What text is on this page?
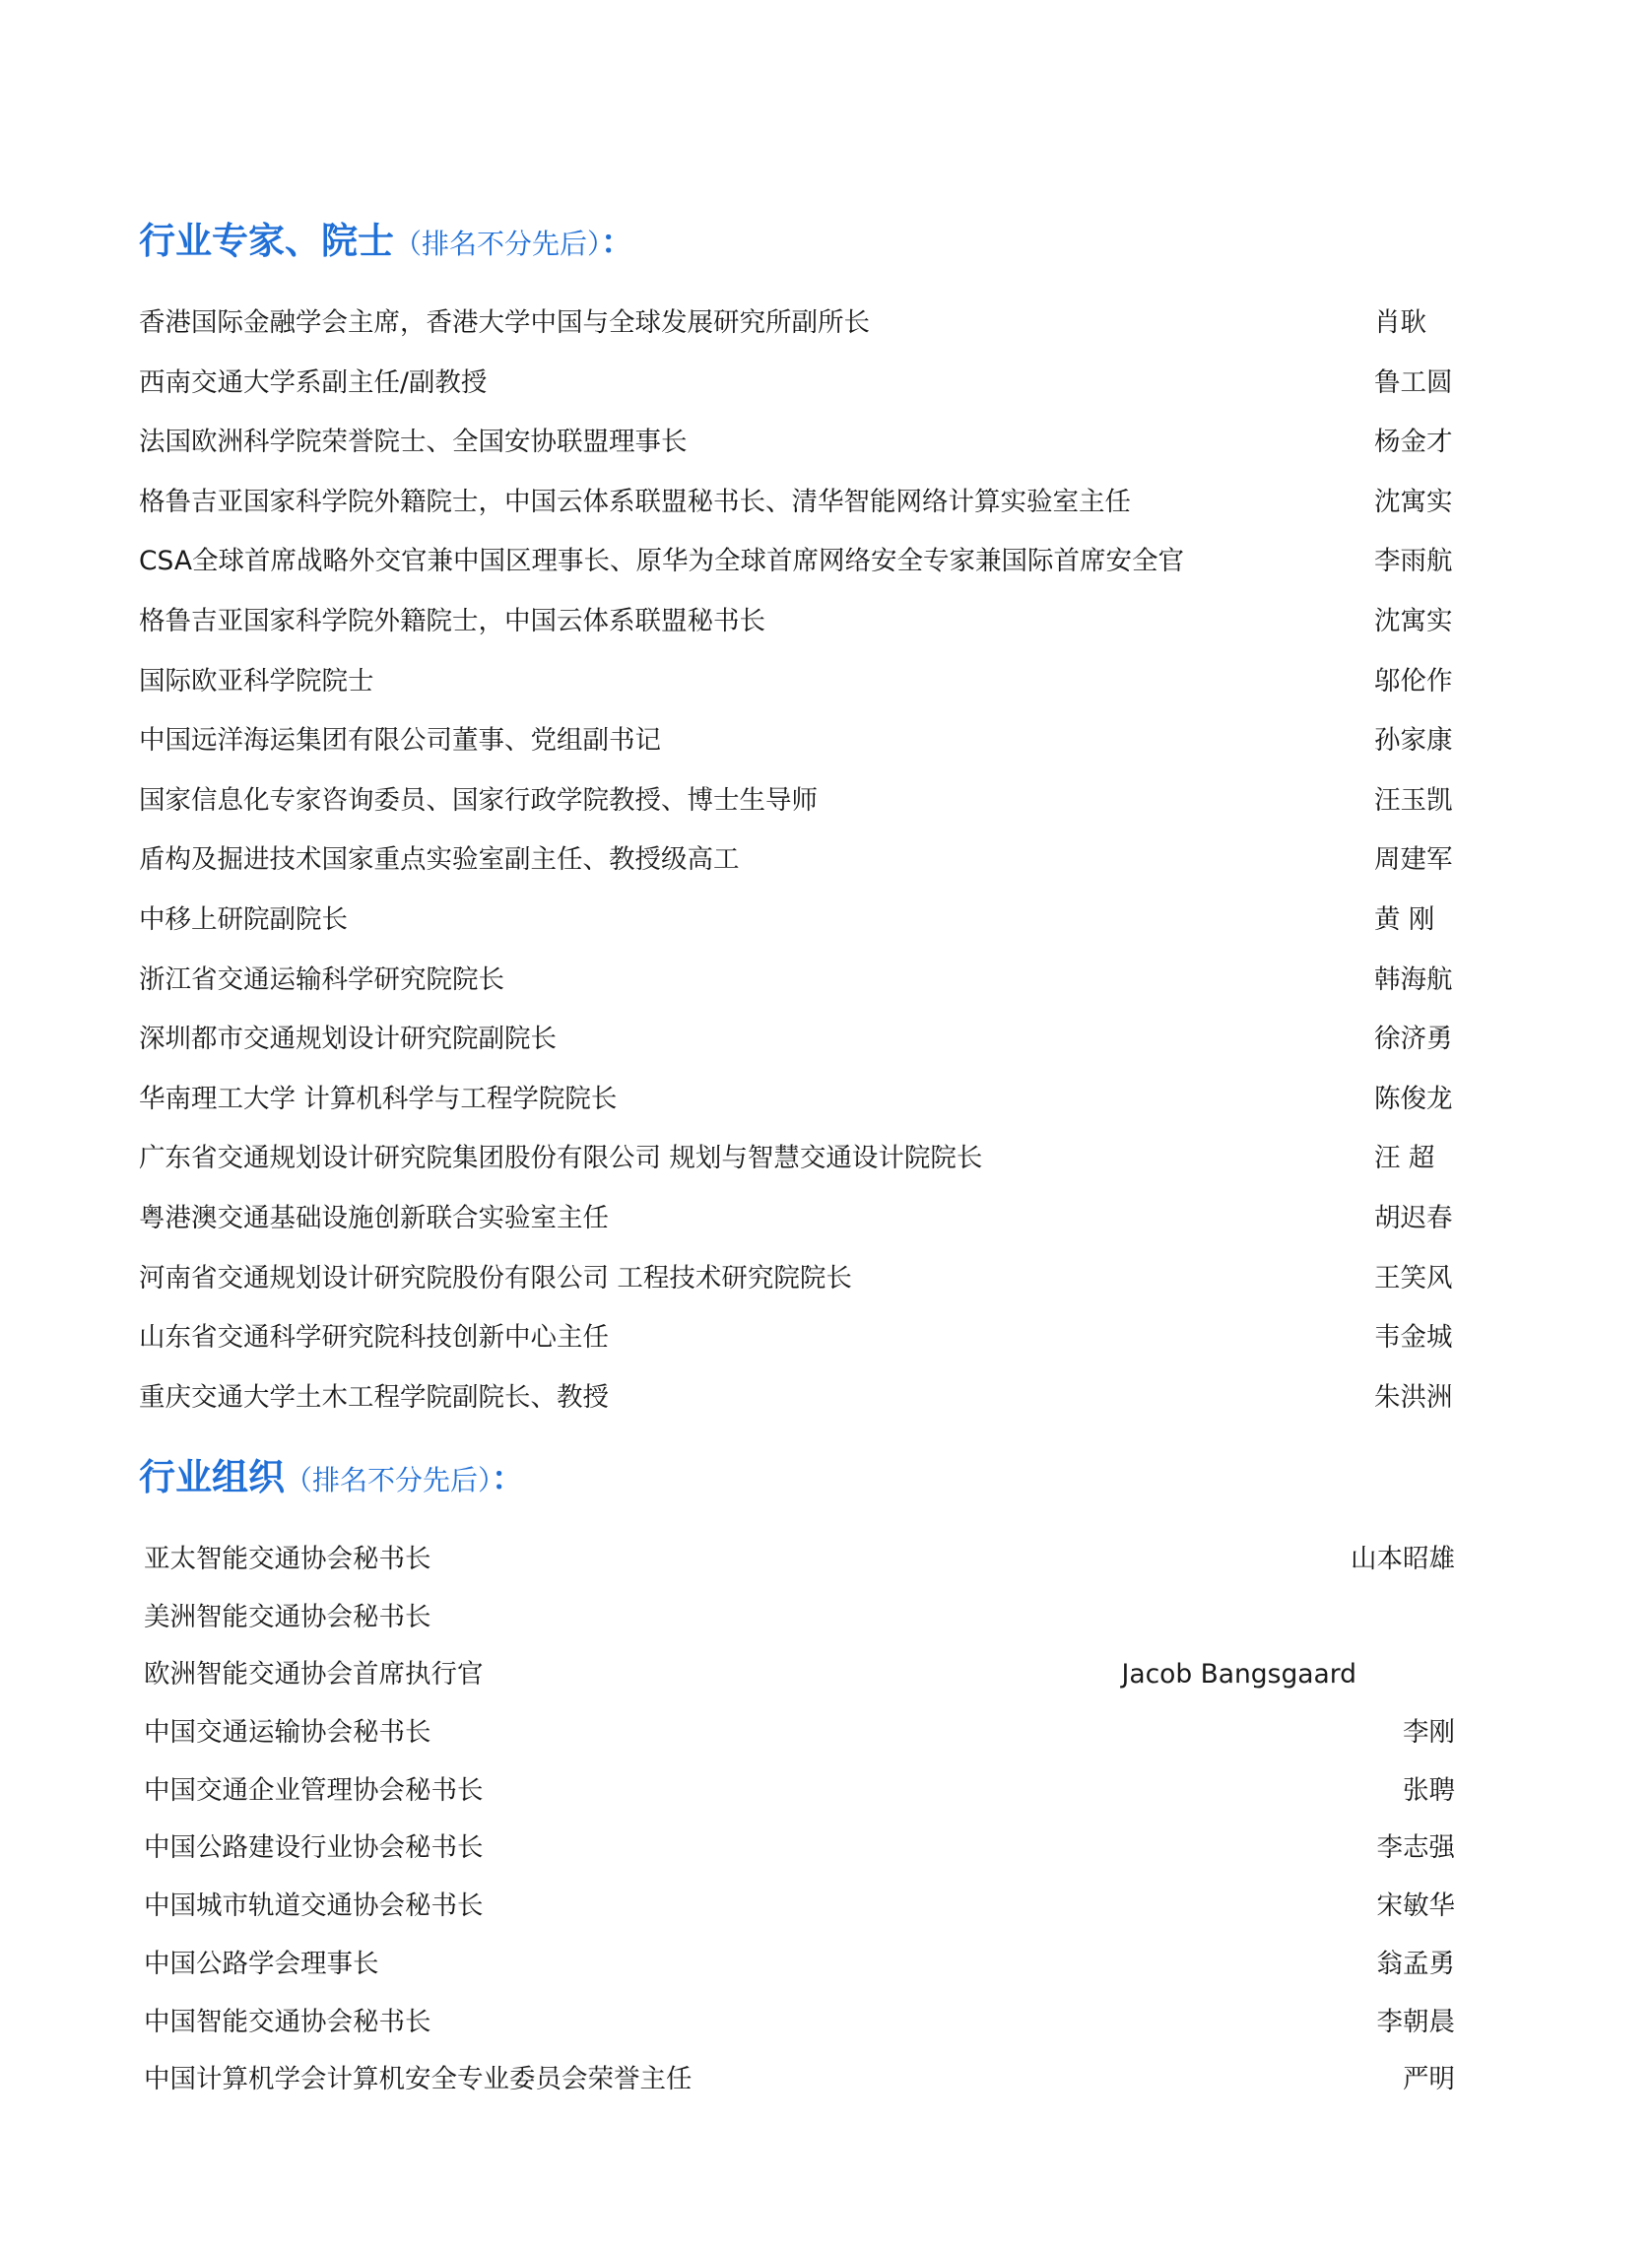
行业专家、院士（排名不分先后）：
香港国际金融学会主席，香港大学中国与全球发展研究所副所长	肖耿
西南交通大学系副主任/副教授	鲁工圆
法国欧洲科学院荣誉院士、全国安协联盟理事长	杨金才
格鲁吉亚国家科学院外籍院士，中国云体系联盟秘书长、清华智能网络计算实验室主任	沈寓实
CSA全球首席战略外交官兼中国区理事长、原华为全球首席网络安全专家兼国际首席安全官	李雨航
格鲁吉亚国家科学院外籍院士，中国云体系联盟秘书长	沈寓实
国际欧亚科学院院士	邬伦作
中国远洋海运集团有限公司董事、党组副书记	孙家康
国家信息化专家咨询委员、国家行政学院教授、博士生导师	汪玉凯
盾构及掘进技术国家重点实验室副主任、教授级高工	周建军
中移上研院副院长	黄 刚
浙江省交通运输科学研究院院长	韩海航
深圳都市交通规划设计研究院副院长	徐济勇
华南理工大学 计算机科学与工程学院院长	陈俊龙
广东省交通规划设计研究院集团股份有限公司 规划与智慧交通设计院院长	汪 超
粤港澳交通基础设施创新联合实验室主任	胡迟春
河南省交通规划设计研究院股份有限公司 工程技术研究院院长	王笑风
山东省交通科学研究院科技创新中心主任	韦金城
重庆交通大学土木工程学院副院长、教授	朱洪洲
行业组织（排名不分先后）：
亚太智能交通协会秘书长	山本昭雄
美洲智能交通协会秘书长
欧洲智能交通协会首席执行官	Jacob Bangsgaard
中国交通运输协会秘书长	李刚
中国交通企业管理协会秘书长	张聘
中国公路建设行业协会秘书长	李志强
中国城市轨道交通协会秘书长	宋敏华
中国公路学会理事长	翁孟勇
中国智能交通协会秘书长	李朝晨
中国计算机学会计算机安全专业委员会荣誉主任	严明
